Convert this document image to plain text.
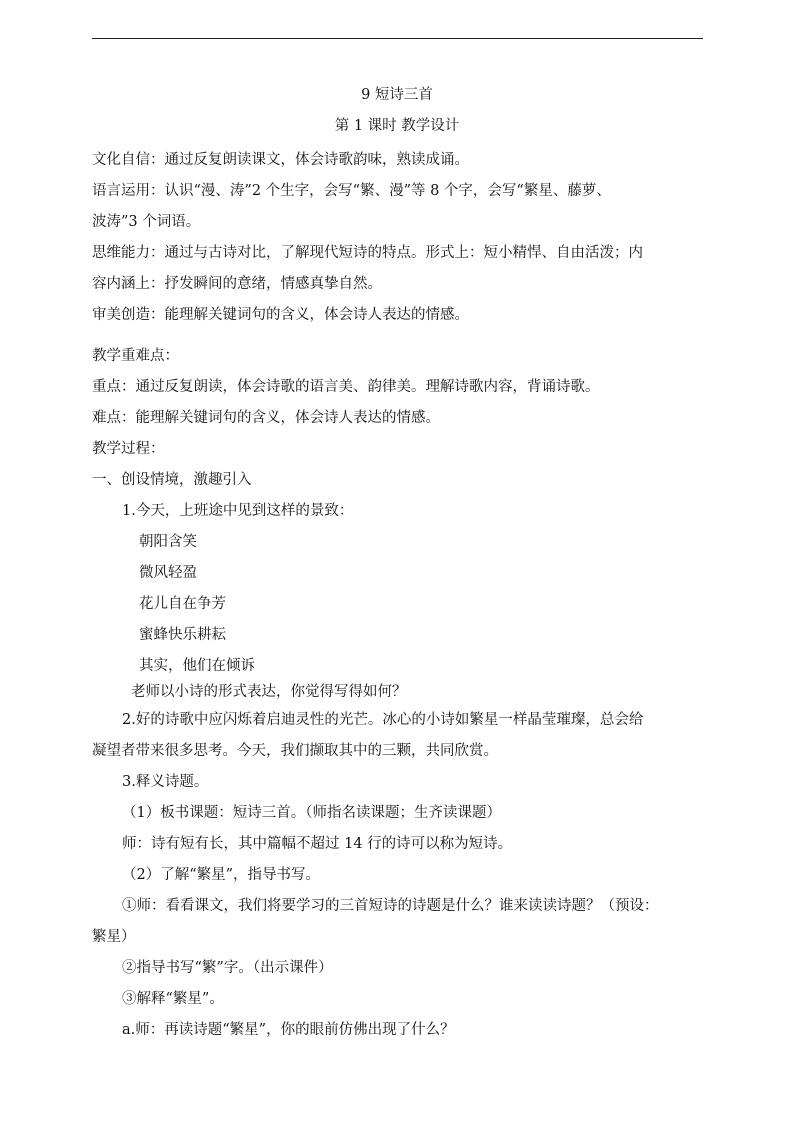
9 短诗三首
第 1 课时 教学设计
文化自信：通过反复朗读课文，体会诗歌韵味，熟读成诵。
语言运用：认识“漫、涛”2 个生字，会写“繁、漫”等 8 个字，会写“繁星、藤萝、
波涛”3 个词语。
思维能力：通过与古诗对比，了解现代短诗的特点。形式上：短小精悍、自由活泼；内
容内涵上：抒发瞬间的意绪，情感真挚自然。
审美创造：能理解关键词句的含义，体会诗人表达的情感。
教学重难点：
重点：通过反复朗读，体会诗歌的语言美、韵律美。理解诗歌内容，背诵诗歌。
难点：能理解关键词句的含义，体会诗人表达的情感。
教学过程：
一、创设情境，激趣引入
1.今天，上班途中见到这样的景致：
朝阳含笑
微风轻盈
花儿自在争芳
蜜蜂快乐耕耘
其实，他们在倾诉
老师以小诗的形式表达，你觉得写得如何？
2.好的诗歌中应闪烁着启迪灵性的光芒。冰心的小诗如繁星一样晶莹璀璨，总会给
凝望者带来很多思考。今天，我们撷取其中的三颗，共同欣赏。
3.释义诗题。
（1）板书课题：短诗三首。（师指名读课题；生齐读课题）
师：诗有短有长，其中篇幅不超过 14 行的诗可以称为短诗。
（2）了解“繁星”，指导书写。
①师：看看课文，我们将要学习的三首短诗的诗题是什么？谁来读读诗题？（预设：
繁星）
②指导书写“繁”字。（出示课件）
③解释“繁星”。
a.师：再读诗题“繁星”，你的眼前仿佛出现了什么？
